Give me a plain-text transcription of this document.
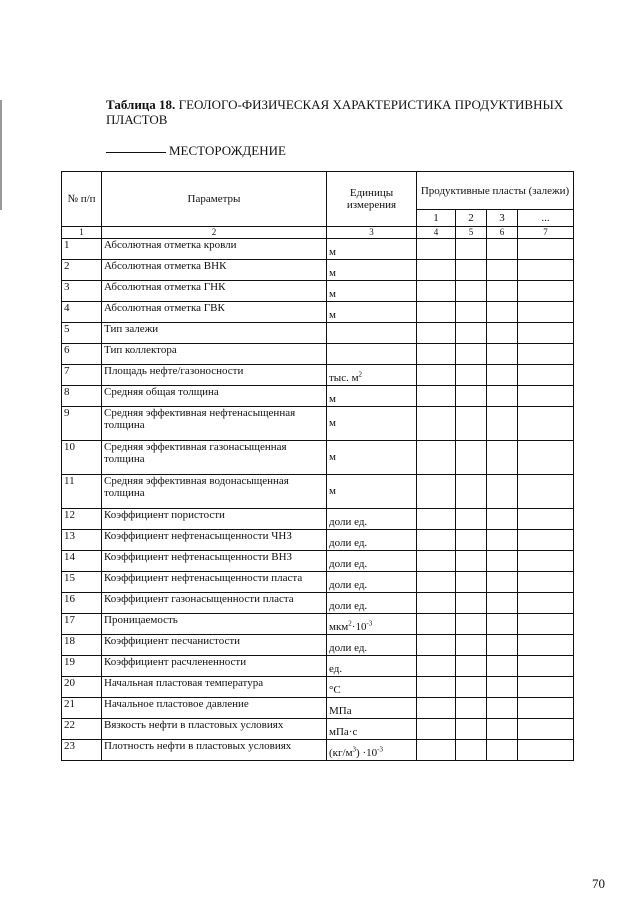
Таблица 18. ГЕОЛОГО-ФИЗИЧЕСКАЯ ХАРАКТЕРИСТИКА ПРОДУКТИВНЫХ ПЛАСТОВ
МЕСТОРОЖДЕНИЕ
№ п/п	Параметры	Единицы измерения	Продуктивные пласты (залежи)			
			1	2	3	...
1	2	3	4	5	6	7
1	Абсолютная отметка кровли	м				
2	Абсолютная отметка ВНК	м				
3	Абсолютная отметка ГНК	м				
4	Абсолютная отметка ГВК	м				
5	Тип залежи					
6	Тип коллектора					
7	Площадь нефте/газоносности	тыс. $м^2$				
8	Средняя общая толщина	м				
9	Средняя эффективная нефтенасыщенная толщина	м				
10	Средняя эффективная газонасыщенная толщина	м				
11	Средняя эффективная водонасыщенная толщина	м				
12	Коэффициент пористости	доли ед.				
13	Коэффициент нефтенасыщенности ЧНЗ	доли ед.				
14	Коэффициент нефтенасыщенности ВНЗ	доли ед.				
15	Коэффициент нефтенасыщенности пласта	доли ед.				
16	Коэффициент газонасыщенности пласта	доли ед.				
17	Проницаемость	$мкм^2\cdot 10^{-3}$				
18	Коэффициент песчанистости	доли ед.				
19	Коэффициент расчлененности	ед.				
20	Начальная пластовая температура	°С				
21	Начальное пластовое давление	МПа				
22	Вязкость нефти в пластовых условиях	мПа·с				
23	Плотность нефти в пластовых условиях	$(кг/м^3) \cdot 10^{-3}$				
70
